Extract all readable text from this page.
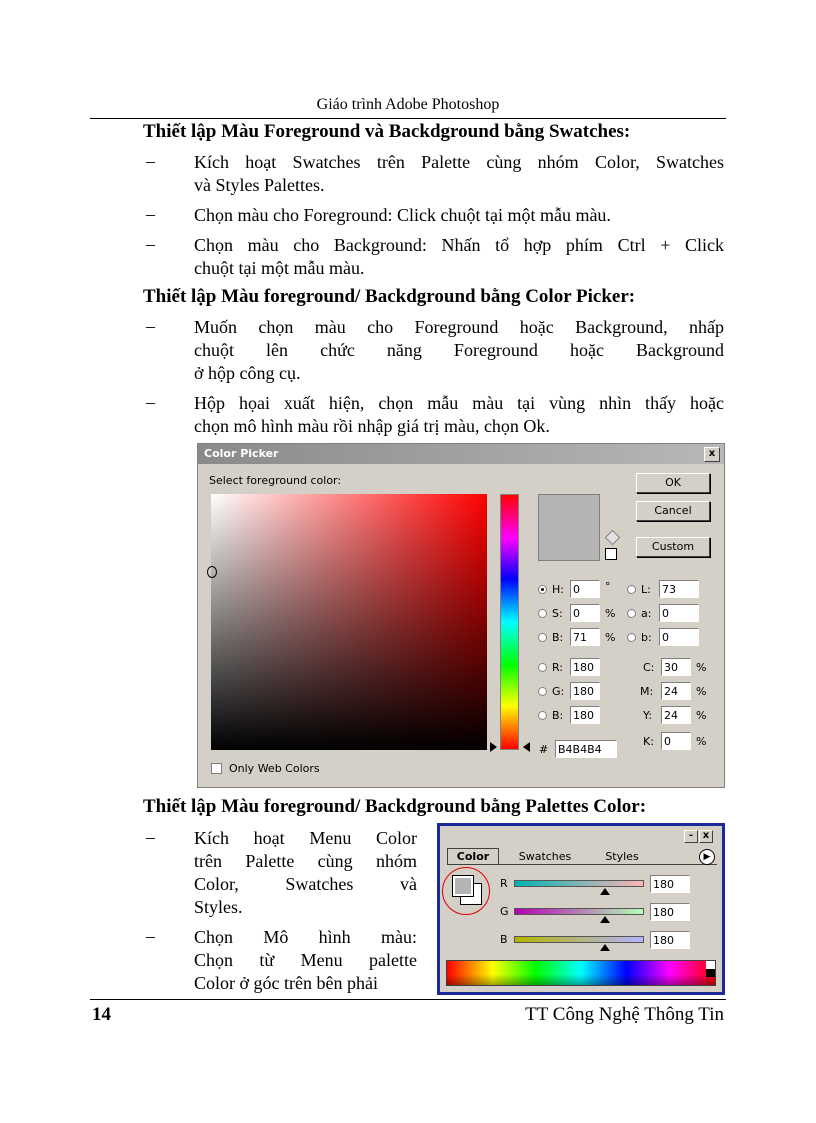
Giáo trình Adobe Photoshop
Thiết lập Màu Foreground và Backdground bằng Swatches:
– Kích hoạt Swatches trên Palette cùng nhóm Color, Swatches
và Styles Palettes.
– Chọn màu cho Foreground: Click chuột tại một mẫu màu.
– Chọn màu cho Background: Nhấn tổ hợp phím Ctrl + Click
chuột tại một mẫu màu.
Thiết lập Màu foreground/ Backdground bằng Color Picker:
– Muốn chọn màu cho Foreground hoặc Background, nhấp
chuột lên chức năng Foreground hoặc Background
ở hộp công cụ.
– Hộp họai xuất hiện, chọn mẫu màu tại vùng nhìn thấy hoặc
chọn mô hình màu rồi nhập giá trị màu, chọn Ok.
Color Picker	x
Select foreground color:	OK
Cancel
Custom
H: 0	°
S: 0	%
B: 71	%
L: 73
a: 0
b: 0
R: 180
G: 180
B: 180
C: 30	%
M: 24	%
Y: 24	%
K: 0	%
# B4B4B4
Only Web Colors
Thiết lập Màu foreground/ Backdground bằng Palettes Color:
– Kích hoạt Menu Color
trên Palette cùng nhóm
Color, Swatches và
Styles.
– Chọn Mô hình màu:
Chọn từ Menu palette
Color ở góc trên bên phải
- x
Color	Swatches	Styles	▶
R	180
G	180
B	180
14	TT Công Nghệ Thông Tin
